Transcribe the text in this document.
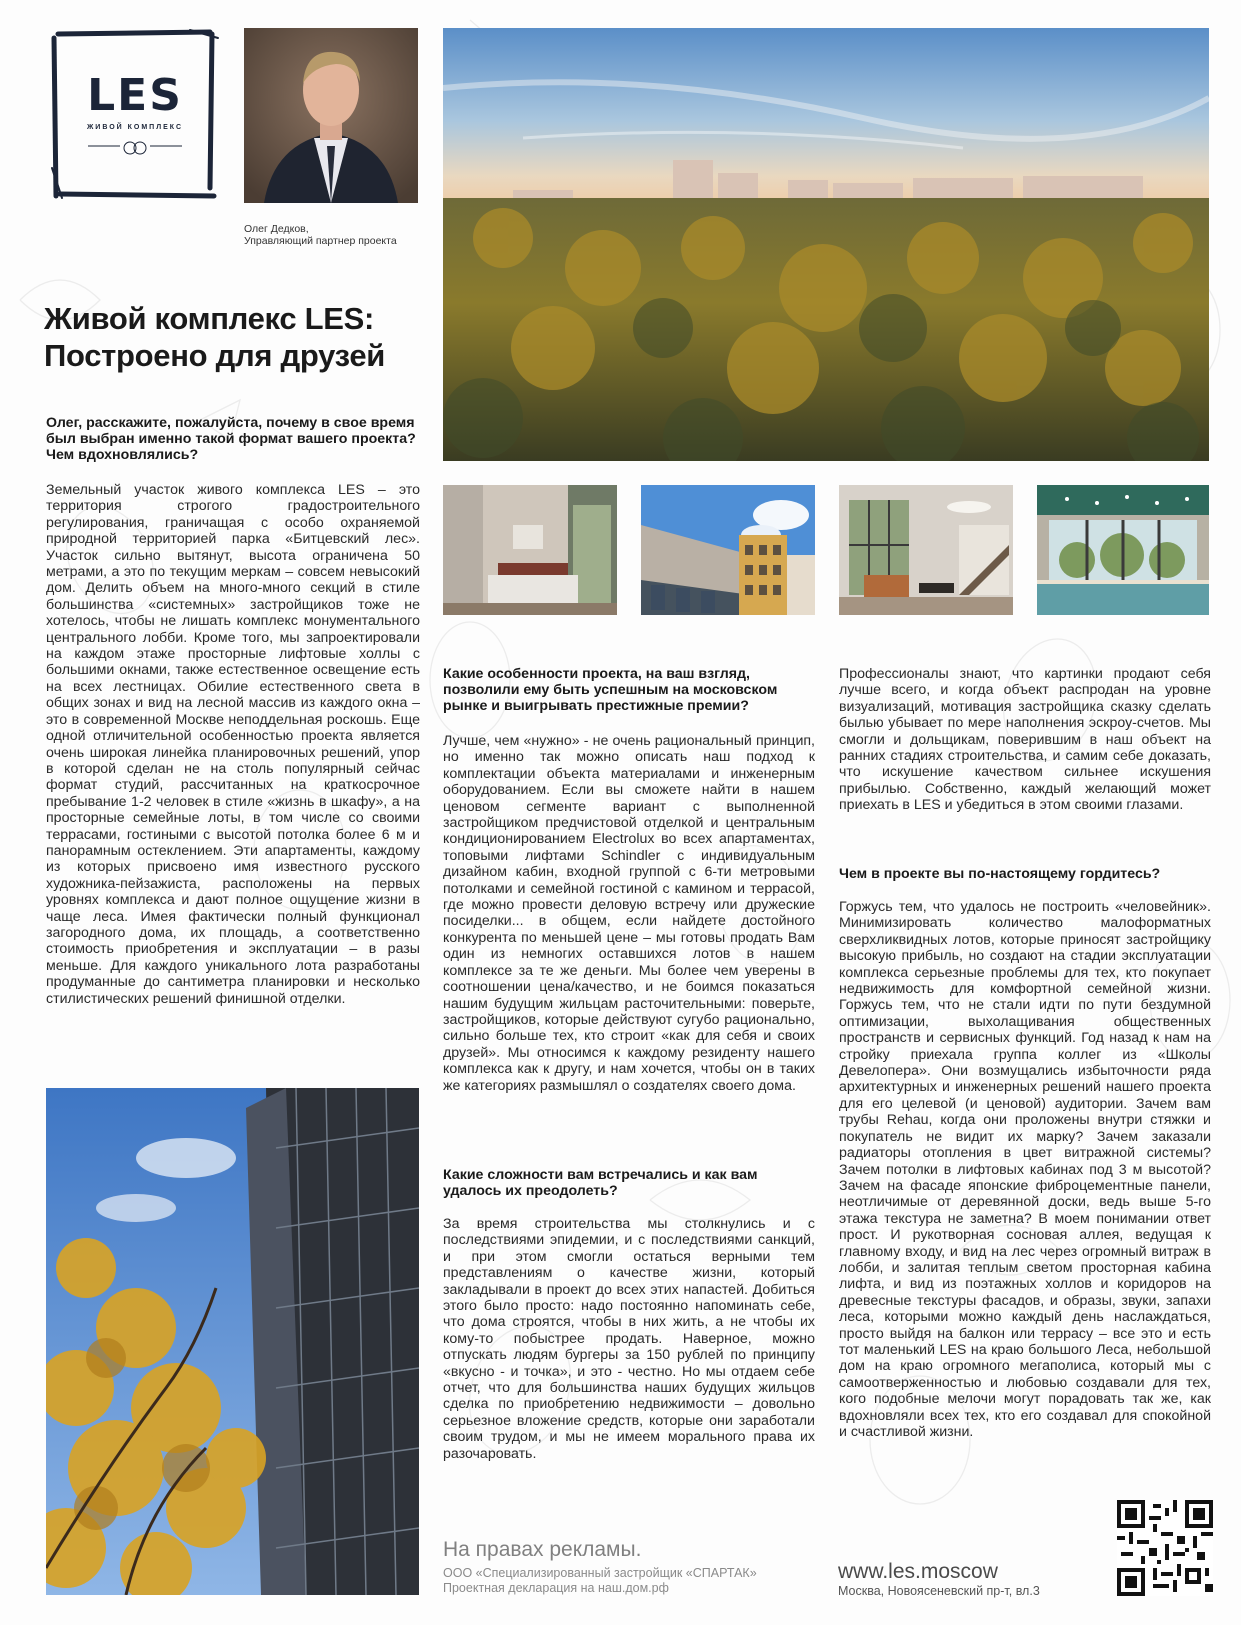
LES
ЖИВОЙ КОМПЛЕКС
Олег Дедков,
Управляющий партнер проекта
Живой комплекс LES:
Построено для друзей
Олег, расскажите, пожалуйста, почему в свое время был выбран именно такой формат вашего проекта? Чем вдохновлялись?
Земельный участок живого комплекса LES – это территория строгого градостроительного регулирования, граничащая с особо охраняемой природной территорией парка «Битцевский лес». Участок сильно вытянут, высота ограничена 50 метрами, а это по текущим меркам – совсем невысокий дом. Делить объем на много-много секций в стиле большинства «системных» застройщиков тоже не хотелось, чтобы не лишать комплекс монументального центрального лобби. Кроме того, мы запроектировали на каждом этаже просторные лифтовые холлы с большими окнами, также естественное освещение есть на всех лестницах. Обилие естественного света в общих зонах и вид на лесной массив из каждого окна – это в современной Москве неподдельная роскошь. Еще одной отличительной особенностью проекта является очень широкая линейка планировочных решений, упор в которой сделан не на столь популярный сейчас формат студий, рассчитанных на краткосрочное пребывание 1-2 человек в стиле «жизнь в шкафу», а на просторные семейные лоты, в том числе со своими террасами, гостиными с высотой потолка более 6 м и панорамным остеклением. Эти апартаменты, каждому из которых присвоено имя известного русского художника-пейзажиста, расположены на первых уровнях комплекса и дают полное ощущение жизни в чаще леса. Имея фактически полный функционал загородного дома, их площадь, а соответственно стоимость приобретения и эксплуатации – в разы меньше. Для каждого уникального лота разработаны продуманные до сантиметра планировки и несколько стилистических решений финишной отделки.
Какие особенности проекта, на ваш взгляд, позволили ему быть успешным на московском рынке и выигрывать престижные премии?
Лучше, чем «нужно» - не очень рациональный принцип, но именно так можно описать наш подход к комплектации объекта материалами и инженерным оборудованием. Если вы сможете найти в нашем ценовом сегменте вариант с выполненной застройщиком предчистовой отделкой и центральным кондиционированием Electrolux во всех апартаментах, топовыми лифтами Schindler с индивидуальным дизайном кабин, входной группой с 6-ти метровыми потолками и семейной гостиной с камином и террасой, где можно провести деловую встречу или дружеские посиделки... в общем, если найдете достойного конкурента по меньшей цене – мы готовы продать Вам один из немногих оставшихся лотов в нашем комплексе за те же деньги. Мы более чем уверены в соотношении цена/качество, и не боимся показаться нашим будущим жильцам расточительными: поверьте, застройщиков, которые действуют сугубо рационально, сильно больше тех, кто строит «как для себя и своих друзей». Мы относимся к каждому резиденту нашего комплекса как к другу, и нам хочется, чтобы он в таких же категориях размышлял о создателях своего дома.
Какие сложности вам встречались и как вам удалось их преодолеть?
За время строительства мы столкнулись и с последствиями эпидемии, и с последствиями санкций, и при этом смогли остаться верными тем представлениям о качестве жизни, который закладывали в проект до всех этих напастей. Добиться этого было просто: надо постоянно напоминать себе, что дома строятся, чтобы в них жить, а не чтобы их кому-то побыстрее продать. Наверное, можно отпускать людям бургеры за 150 рублей по принципу «вкусно - и точка», и это - честно. Но мы отдаем себе отчет, что для большинства наших будущих жильцов сделка по приобретению недвижимости – довольно серьезное вложение средств, которые они заработали своим трудом, и мы не имеем морального права их разочаровать.
Профессионалы знают, что картинки продают себя лучше всего, и когда объект распродан на уровне визуализаций, мотивация застройщика сказку сделать былью убывает по мере наполнения эскроу-счетов. Мы смогли и дольщикам, поверившим в наш объект на ранних стадиях строительства, и самим себе доказать, что искушение качеством сильнее искушения прибылью. Собственно, каждый желающий может приехать в LES и убедиться в этом своими глазами.
Чем в проекте вы по-настоящему гордитесь?
Горжусь тем, что удалось не построить «человейник». Минимизировать количество малоформатных сверхликвидных лотов, которые приносят застройщику высокую прибыль, но создают на стадии эксплуатации комплекса серьезные проблемы для тех, кто покупает недвижимость для комфортной семейной жизни. Горжусь тем, что не стали идти по пути бездумной оптимизации, выхолащивания общественных пространств и сервисных функций. Год назад к нам на стройку приехала группа коллег из «Школы Девелопера». Они возмущались избыточности ряда архитектурных и инженерных решений нашего проекта для его целевой (и ценовой) аудитории. Зачем вам трубы Rehau, когда они проложены внутри стяжки и покупатель не видит их марку? Зачем заказали радиаторы отопления в цвет витражной системы? Зачем потолки в лифтовых кабинах под 3 м высотой? Зачем на фасаде японские фиброцементные панели, неотличимые от деревянной доски, ведь выше 5-го этажа текстура не заметна? В моем понимании ответ прост. И рукотворная сосновая аллея, ведущая к главному входу, и вид на лес через огромный витраж в лобби, и залитая теплым светом просторная кабина лифта, и вид из поэтажных холлов и коридоров на древесные текстуры фасадов, и образы, звуки, запахи леса, которыми можно каждый день наслаждаться, просто выйдя на балкон или террасу – все это и есть тот маленький LES на краю большого Леса, небольшой дом на краю огромного мегаполиса, который мы с самоотверженностью и любовью создавали для тех, кого подобные мелочи могут порадовать так же, как вдохновляли всех тех, кто его создавал для спокойной и счастливой жизни.
На правах рекламы.
ООО «Специализированный застройщик «СПАРТАК»
Проектная декларация на наш.дом.рф
www.les.moscow
Москва, Новоясеневский пр-т, вл.3
